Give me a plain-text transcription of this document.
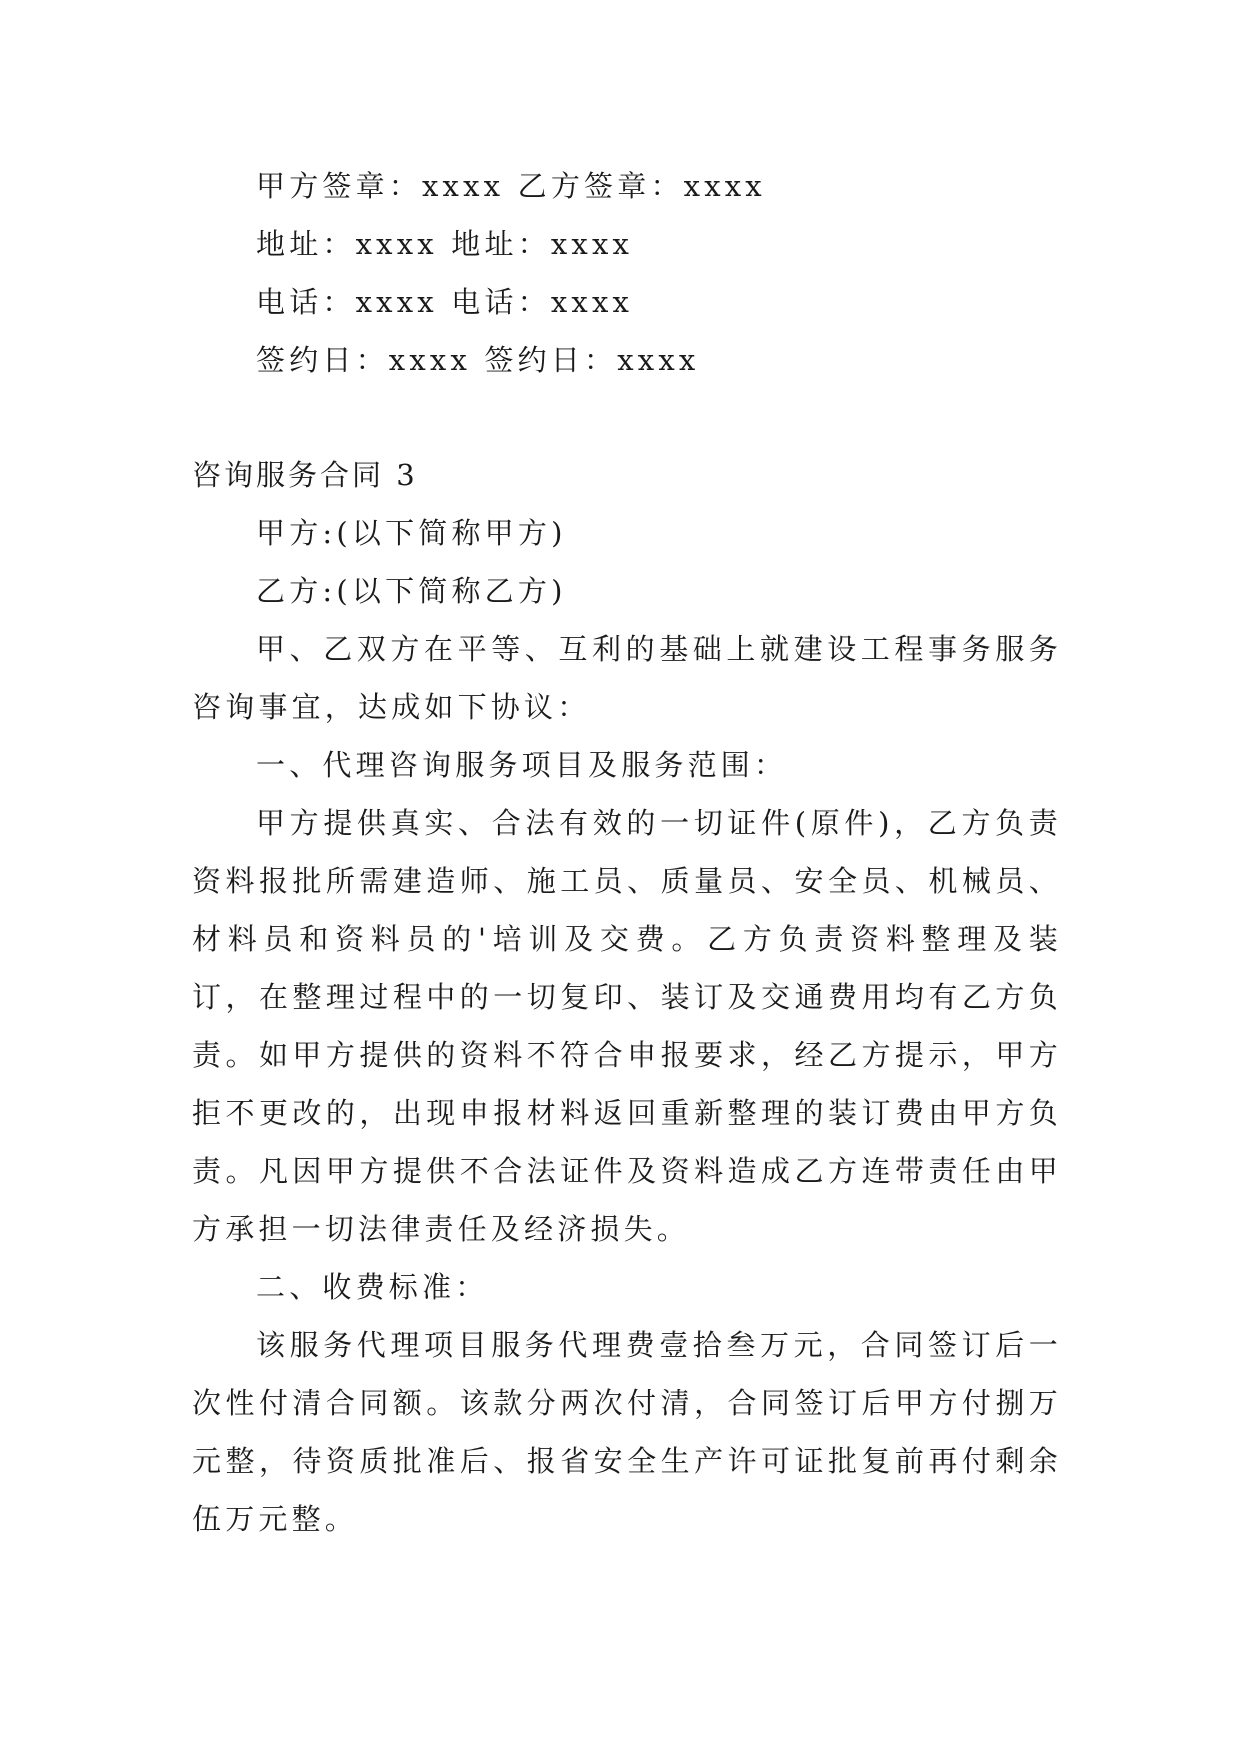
甲方签章：xxxx 乙方签章：xxxx
地址：xxxx 地址：xxxx
电话：xxxx 电话：xxxx
签约日：xxxx 签约日：xxxx
咨询服务合同 3
甲方:(以下简称甲方)
乙方:(以下简称乙方)
甲、乙双方在平等、互利的基础上就建设工程事务服务咨询事宜，达成如下协议：
一、代理咨询服务项目及服务范围：
甲方提供真实、合法有效的一切证件(原件)，乙方负责资料报批所需建造师、施工员、质量员、安全员、机械员、材料员和资料员的'培训及交费。乙方负责资料整理及装订，在整理过程中的一切复印、装订及交通费用均有乙方负责。如甲方提供的资料不符合申报要求，经乙方提示，甲方拒不更改的，出现申报材料返回重新整理的装订费由甲方负责。凡因甲方提供不合法证件及资料造成乙方连带责任由甲方承担一切法律责任及经济损失。
二、收费标准：
该服务代理项目服务代理费壹拾叁万元，合同签订后一次性付清合同额。该款分两次付清，合同签订后甲方付捌万元整，待资质批准后、报省安全生产许可证批复前再付剩余伍万元整。
